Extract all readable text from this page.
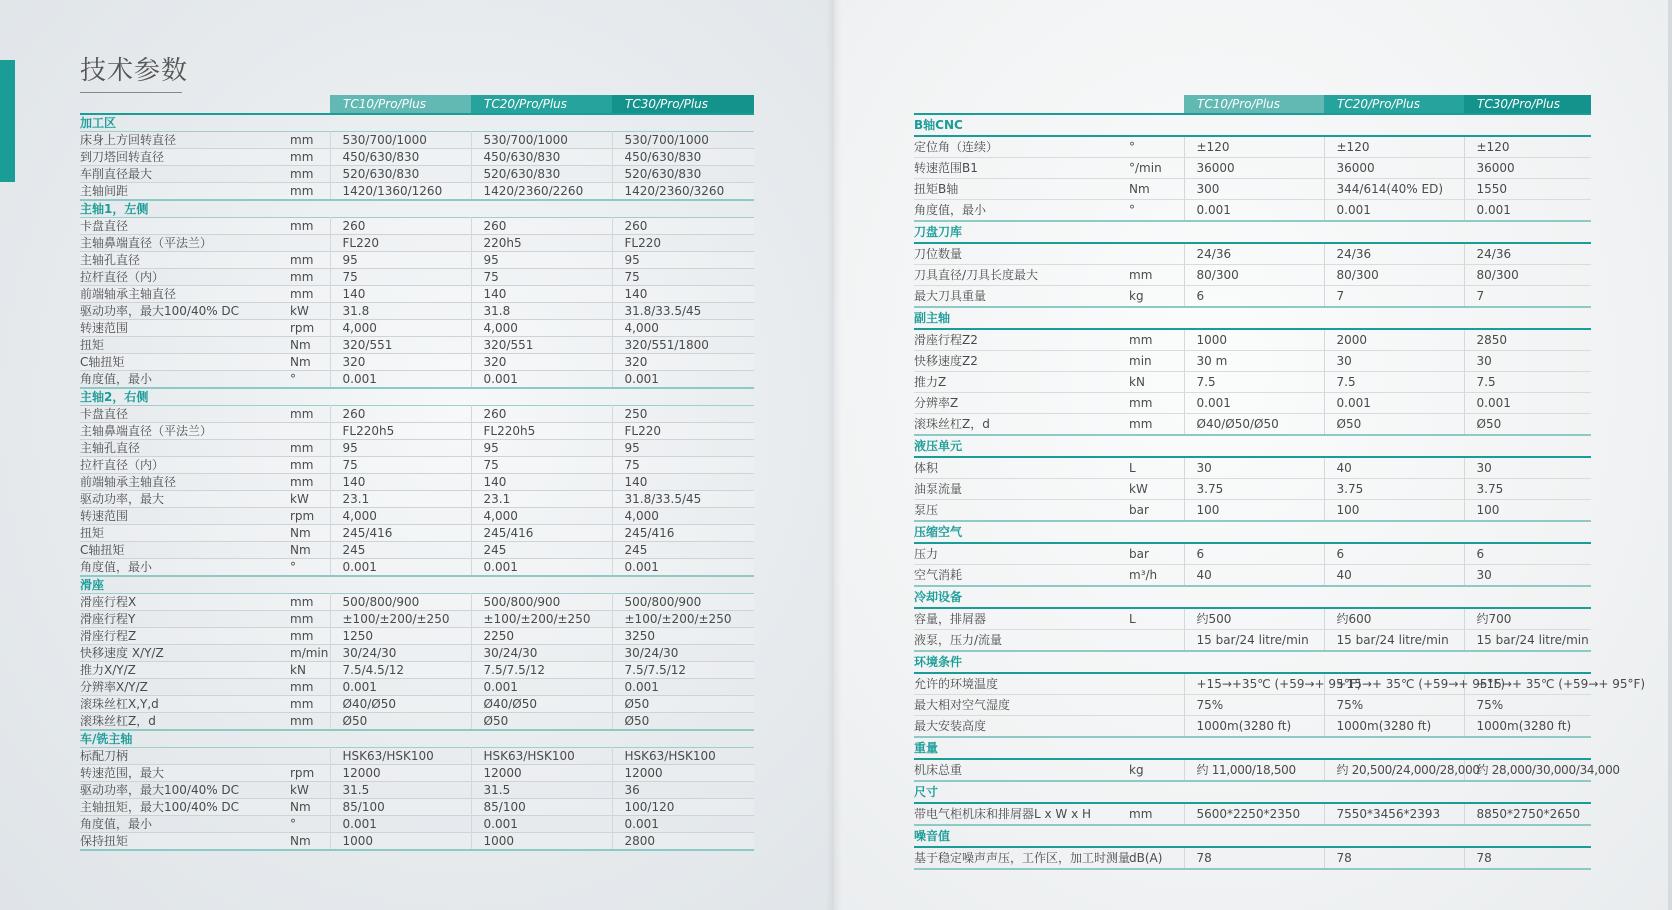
技术参数
		TC10/Pro/Plus	TC20/Pro/Plus	TC30/Pro/Plus
加工区				
床身上方回转直径	mm	530/700/1000	530/700/1000	530/700/1000
到刀塔回转直径	mm	450/630/830	450/630/830	450/630/830
车削直径最大	mm	520/630/830	520/630/830	520/630/830
主轴间距	mm	1420/1360/1260	1420/2360/2260	1420/2360/3260
主轴1，左侧				
卡盘直径	mm	260	260	260
主轴鼻端直径（平法兰）		FL220	220h5	FL220
主轴孔直径	mm	95	95	95
拉杆直径（内）	mm	75	75	75
前端轴承主轴直径	mm	140	140	140
驱动功率，最大100/40% DC	kW	31.8	31.8	31.8/33.5/45
转速范围	rpm	4,000	4,000	4,000
扭矩	Nm	320/551	320/551	320/551/1800
C轴扭矩	Nm	320	320	320
角度值，最小	°	0.001	0.001	0.001
主轴2，右侧				
卡盘直径	mm	260	260	250
主轴鼻端直径（平法兰）		FL220h5	FL220h5	FL220
主轴孔直径	mm	95	95	95
拉杆直径（内）	mm	75	75	75
前端轴承主轴直径	mm	140	140	140
驱动功率，最大	kW	23.1	23.1	31.8/33.5/45
转速范围	rpm	4,000	4,000	4,000
扭矩	Nm	245/416	245/416	245/416
C轴扭矩	Nm	245	245	245
角度值，最小	°	0.001	0.001	0.001
滑座				
滑座行程X	mm	500/800/900	500/800/900	500/800/900
滑座行程Y	mm	±100/±200/±250	±100/±200/±250	±100/±200/±250
滑座行程Z	mm	1250	2250	3250
快移速度 X/Y/Z	m/min	30/24/30	30/24/30	30/24/30
推力X/Y/Z	kN	7.5/4.5/12	7.5/7.5/12	7.5/7.5/12
分辨率X/Y/Z	mm	0.001	0.001	0.001
滚珠丝杠X,Y,d	mm	Ø40/Ø50	Ø40/Ø50	Ø50
滚珠丝杠Z，d	mm	Ø50	Ø50	Ø50
车/铣主轴				
标配刀柄		HSK63/HSK100	HSK63/HSK100	HSK63/HSK100
转速范围，最大	rpm	12000	12000	12000
驱动功率，最大100/40% DC	kW	31.5	31.5	36
主轴扭矩，最大100/40% DC	Nm	85/100	85/100	100/120
角度值，最小	°	0.001	0.001	0.001
保持扭矩	Nm	1000	1000	2800
		TC10/Pro/Plus	TC20/Pro/Plus	TC30/Pro/Plus
B轴CNC				
定位角（连续）	°	±120	±120	±120
转速范围B1	°/min	36000	36000	36000
扭矩B轴	Nm	300	344/614(40% ED)	1550
角度值，最小	°	0.001	0.001	0.001
刀盘刀库				
刀位数量		24/36	24/36	24/36
刀具直径/刀具长度最大	mm	80/300	80/300	80/300
最大刀具重量	kg	6	7	7
副主轴				
滑座行程Z2	mm	1000	2000	2850
快移速度Z2	min	30 m	30	30
推力Z	kN	7.5	7.5	7.5
分辨率Z	mm	0.001	0.001	0.001
滚珠丝杠Z，d	mm	Ø40/Ø50/Ø50	Ø50	Ø50
液压单元				
体积	L	30	40	30
油泵流量	kW	3.75	3.75	3.75
泵压	bar	100	100	100
压缩空气				
压力	bar	6	6	6
空气消耗	m³/h	40	40	30
冷却设备				
容量，排屑器	L	约500	约600	约700
液泵，压力/流量		15 bar/24 litre/min	15 bar/24 litre/min	15 bar/24 litre/min
环境条件				
允许的环境温度		+15→+35℃ (+59→+ 95°F)	+15→+ 35℃ (+59→+ 95°F)	+15→+ 35℃ (+59→+ 95°F)
最大相对空气湿度		75%	75%	75%
最大安装高度		1000m(3280 ft)	1000m(3280 ft)	1000m(3280 ft)
重量				
机床总重	kg	约 11,000/18,500	约 20,500/24,000/28,000	约 28,000/30,000/34,000
尺寸				
带电气柜机床和排屑器L x W x H	mm	5600*2250*2350	7550*3456*2393	8850*2750*2650
噪音值				
基于稳定噪声声压，工作区，加工时测量	dB(A)	78	78	78
